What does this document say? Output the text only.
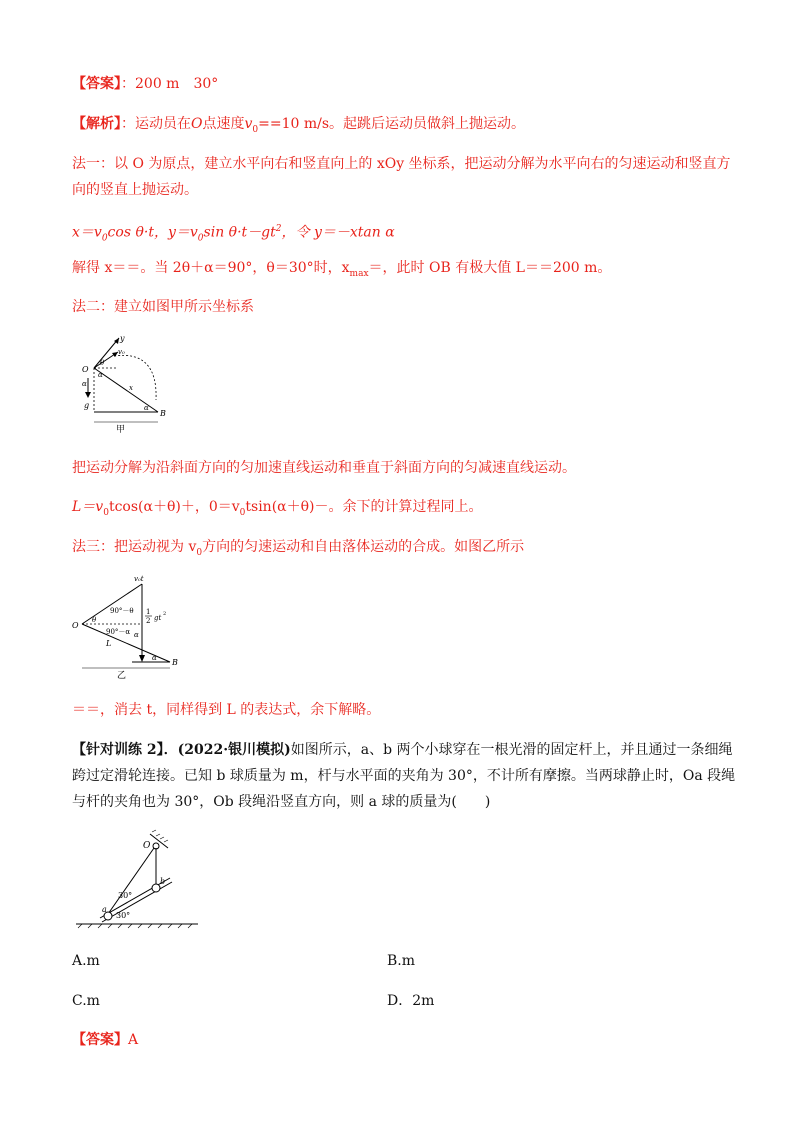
【答案】：200 m　30°
【解析】：运动员在O点速度$v_0==10$ m/s。起跳后运动员做斜上抛运动。
法一：以 O 为原点，建立水平向右和竖直向上的 xOy 坐标系，把运动分解为水平向右的匀速运动和竖直方
向的竖直上抛运动。
$x=v_0\cos$ θ·t，$y=v_0\sin$ $\theta\cdot t-gt^2$，令 y＝－xtan α
解得 x＝＝。当 2θ＋α＝90°，θ＝30°时，$x_{max}=$，此时 OB 有极大值 L＝＝200 m。
法二：建立如图甲所示坐标系
y
v₀
x
g
O
θ
α
α
α
B
甲
把运动分解为沿斜面方向的匀加速直线运动和垂直于斜面方向的匀减速直线运动。
$L=v_0tcos(\alpha+\theta)+$，$0=v_0tsin(\alpha+\theta)-$。余下的计算过程同上。
法三：把运动视为 $v_0$方向的匀速运动和自由落体运动的合成。如图乙所示
v₀t
90°－θ
90°－α
θ
α
O
L
α B
1
2 gt 2
乙
＝＝，消去 t，同样得到 L 的表达式，余下解略。
【针对训练 2】．(2022·银川模拟)如图所示，a、b 两个小球穿在一根光滑的固定杆上，并且通过一条细绳
跨过定滑轮连接。已知 b 球质量为 m，杆与水平面的夹角为 30°，不计所有摩擦。当两球静止时，Oa 段绳
与杆的夹角也为 30°，Ob 段绳沿竖直方向，则 a 球的质量为(　　)
O
b
a
30°
30°
A.m	B.m
C.m	D．2m
【答案】A
